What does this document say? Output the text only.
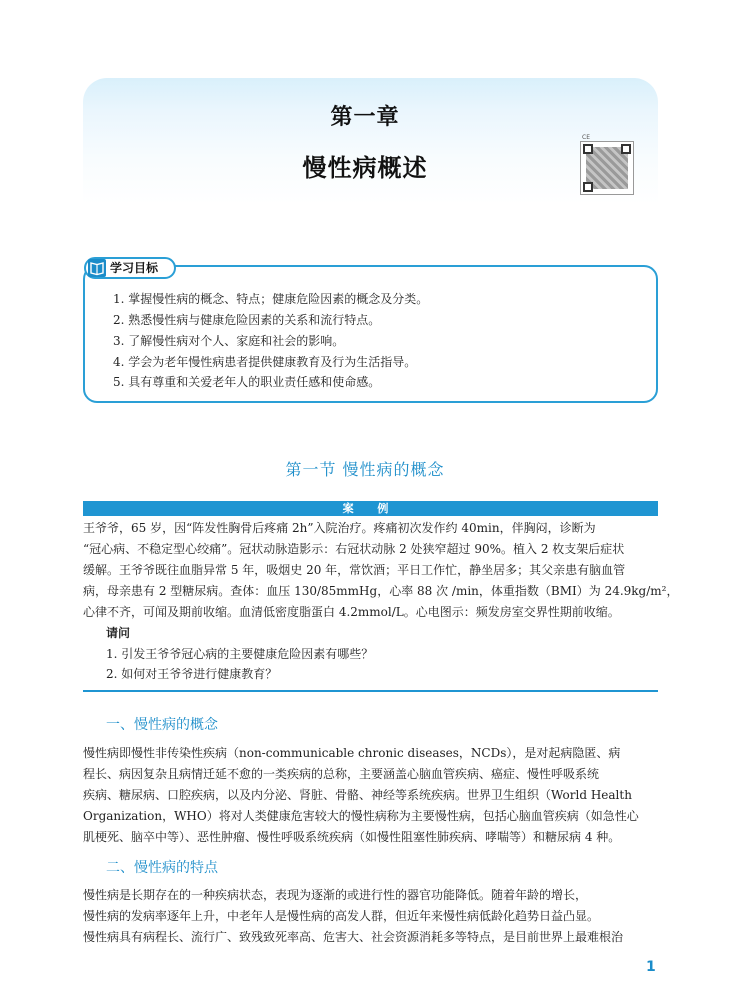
第一章
慢性病概述
CE
学习目标
1. 掌握慢性病的概念、特点；健康危险因素的概念及分类。
2. 熟悉慢性病与健康危险因素的关系和流行特点。
3. 了解慢性病对个人、家庭和社会的影响。
4. 学会为老年慢性病患者提供健康教育及行为生活指导。
5. 具有尊重和关爱老年人的职业责任感和使命感。
第一节 慢性病的概念
案 例
王爷爷，65 岁，因“阵发性胸骨后疼痛 2h”入院治疗。疼痛初次发作约 40min，伴胸闷，诊断为
“冠心病、不稳定型心绞痛”。冠状动脉造影示：右冠状动脉 2 处狭窄超过 90%。植入 2 枚支架后症状
缓解。王爷爷既往血脂异常 5 年，吸烟史 20 年，常饮酒；平日工作忙，静坐居多；其父亲患有脑血管
病，母亲患有 2 型糖尿病。查体：血压 130/85mmHg，心率 88 次 /min，体重指数（BMI）为 24.9kg/m²，
心律不齐，可闻及期前收缩。血清低密度脂蛋白 4.2mmol/L。心电图示：频发房室交界性期前收缩。
请问
1. 引发王爷爷冠心病的主要健康危险因素有哪些？
2. 如何对王爷爷进行健康教育？
一、慢性病的概念
慢性病即慢性非传染性疾病（non-communicable chronic diseases，NCDs），是对起病隐匿、病
程长、病因复杂且病情迁延不愈的一类疾病的总称，主要涵盖心脑血管疾病、癌症、慢性呼吸系统
疾病、糖尿病、口腔疾病，以及内分泌、肾脏、骨骼、神经等系统疾病。世界卫生组织（World Health
Organization，WHO）将对人类健康危害较大的慢性病称为主要慢性病，包括心脑血管疾病（如急性心
肌梗死、脑卒中等）、恶性肿瘤、慢性呼吸系统疾病（如慢性阻塞性肺疾病、哮喘等）和糖尿病 4 种。
二、慢性病的特点
慢性病是长期存在的一种疾病状态，表现为逐渐的或进行性的器官功能降低。随着年龄的增长，
慢性病的发病率逐年上升，中老年人是慢性病的高发人群，但近年来慢性病低龄化趋势日益凸显。
慢性病具有病程长、流行广、致残致死率高、危害大、社会资源消耗多等特点，是目前世界上最难根治
1
